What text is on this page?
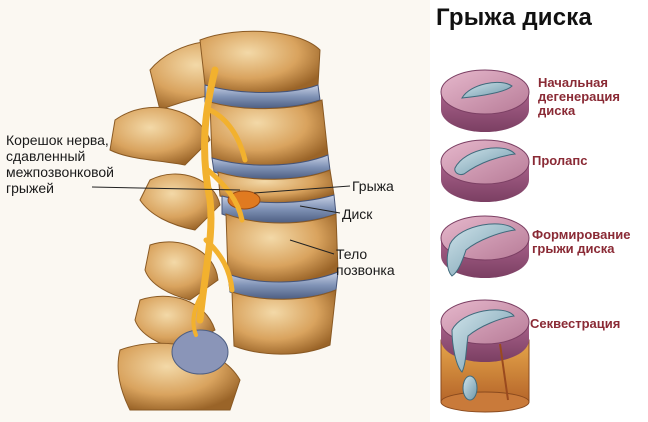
Грыжа диска
Корешок нерва, сдавленный межпозвонковой грыжей	Грыжа
Диск
Тело позвонка
Начальная дегенерация диска
Пролапс
Формирование грыжи диска
Секвестрация
